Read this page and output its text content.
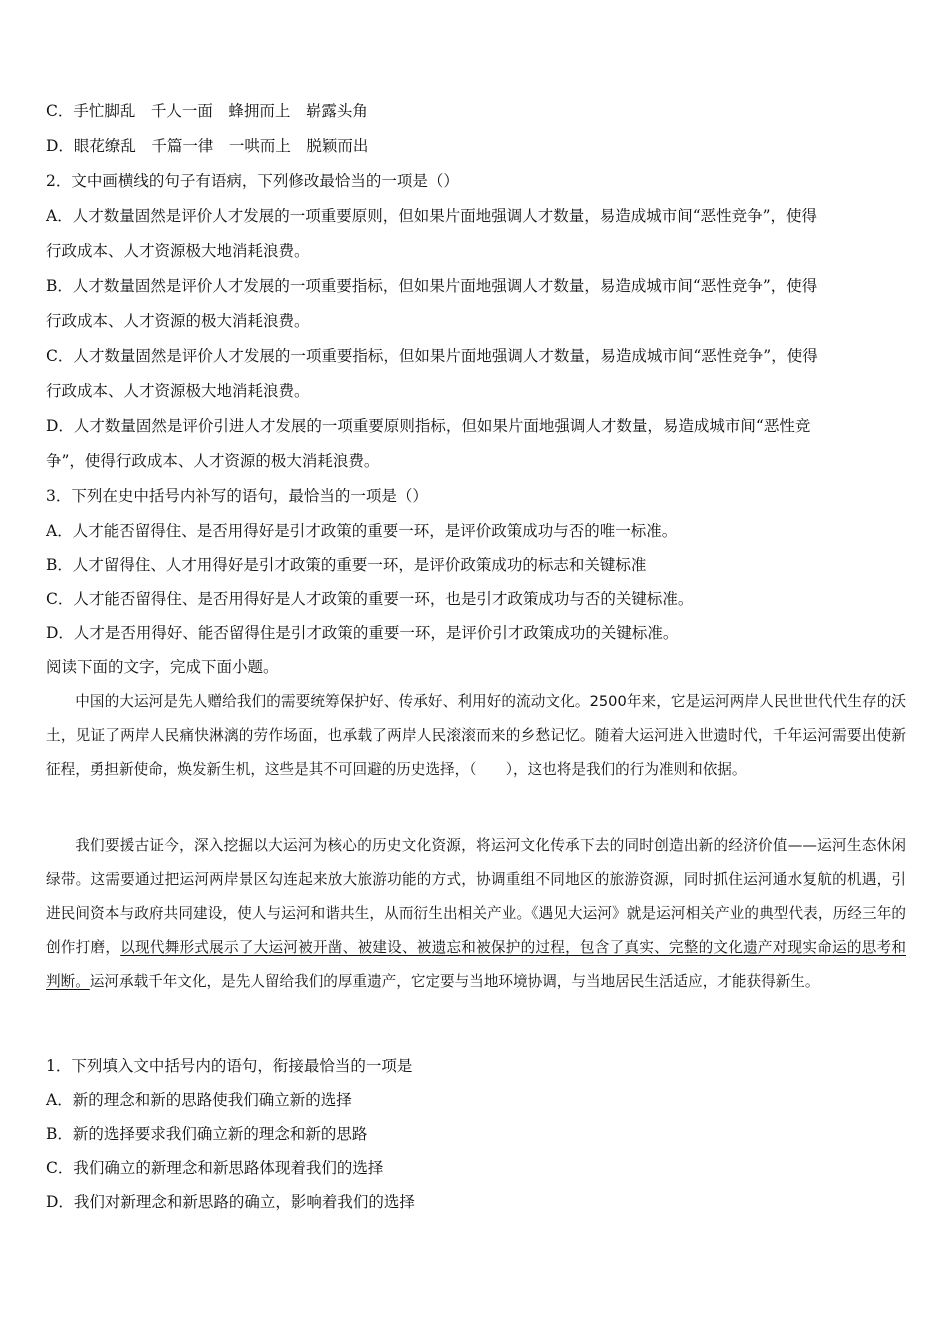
C．手忙脚乱　千人一面　蜂拥而上　崭露头角
D．眼花缭乱　千篇一律　一哄而上　脱颖而出
2．文中画横线的句子有语病，下列修改最恰当的一项是（）
A．人才数量固然是评价人才发展的一项重要原则，但如果片面地强调人才数量，易造成城市间“恶性竞争”，使得
行政成本、人才资源极大地消耗浪费。
B．人才数量固然是评价人才发展的一项重要指标，但如果片面地强调人才数量，易造成城市间“恶性竞争”，使得
行政成本、人才资源的极大消耗浪费。
C．人才数量固然是评价人才发展的一项重要指标，但如果片面地强调人才数量，易造成城市间“恶性竞争”，使得
行政成本、人才资源极大地消耗浪费。
D．人才数量固然是评价引进人才发展的一项重要原则指标，但如果片面地强调人才数量，易造成城市间“恶性竞
争”，使得行政成本、人才资源的极大消耗浪费。
3．下列在史中括号内补写的语句，最恰当的一项是（）
A．人才能否留得住、是否用得好是引才政策的重要一环，是评价政策成功与否的唯一标准。
B．人才留得住、人才用得好是引才政策的重要一环，是评价政策成功的标志和关键标准
C．人才能否留得住、是否用得好是人才政策的重要一环，也是引才政策成功与否的关键标准。
D．人才是否用得好、能否留得住是引才政策的重要一环，是评价引才政策成功的关键标准。
阅读下面的文字，完成下面小题。

中国的大运河是先人赠给我们的需要统筹保护好、传承好、利用好的流动文化。2500年来，它是运河两岸人民世世代代生存的沃土，见证了两岸人民痛快淋漓的劳作场面，也承载了两岸人民滚滚而来的乡愁记忆。随着大运河进入世遗时代，千年运河需要出使新征程，勇担新使命，焕发新生机，这些是其不可回避的历史选择，（　　），这也将是我们的行为准则和依据。

我们要援古证今，深入挖掘以大运河为核心的历史文化资源，将运河文化传承下去的同时创造出新的经济价值——运河生态休闲绿带。这需要通过把运河两岸景区勾连起来放大旅游功能的方式，协调重组不同地区的旅游资源，同时抓住运河通水复航的机遇，引进民间资本与政府共同建设，使人与运河和谐共生，从而衍生出相关产业。《遇见大运河》就是运河相关产业的典型代表，历经三年的创作打磨，以现代舞形式展示了大运河被开凿、被建设、被遗忘和被保护的过程，包含了真实、完整的文化遗产对现实命运的思考和判断。运河承载千年文化，是先人留给我们的厚重遗产，它定要与当地环境协调，与当地居民生活适应，才能获得新生。

1．下列填入文中括号内的语句，衔接最恰当的一项是
A．新的理念和新的思路使我们确立新的选择
B．新的选择要求我们确立新的理念和新的思路
C．我们确立的新理念和新思路体现着我们的选择
D．我们对新理念和新思路的确立，影响着我们的选择
